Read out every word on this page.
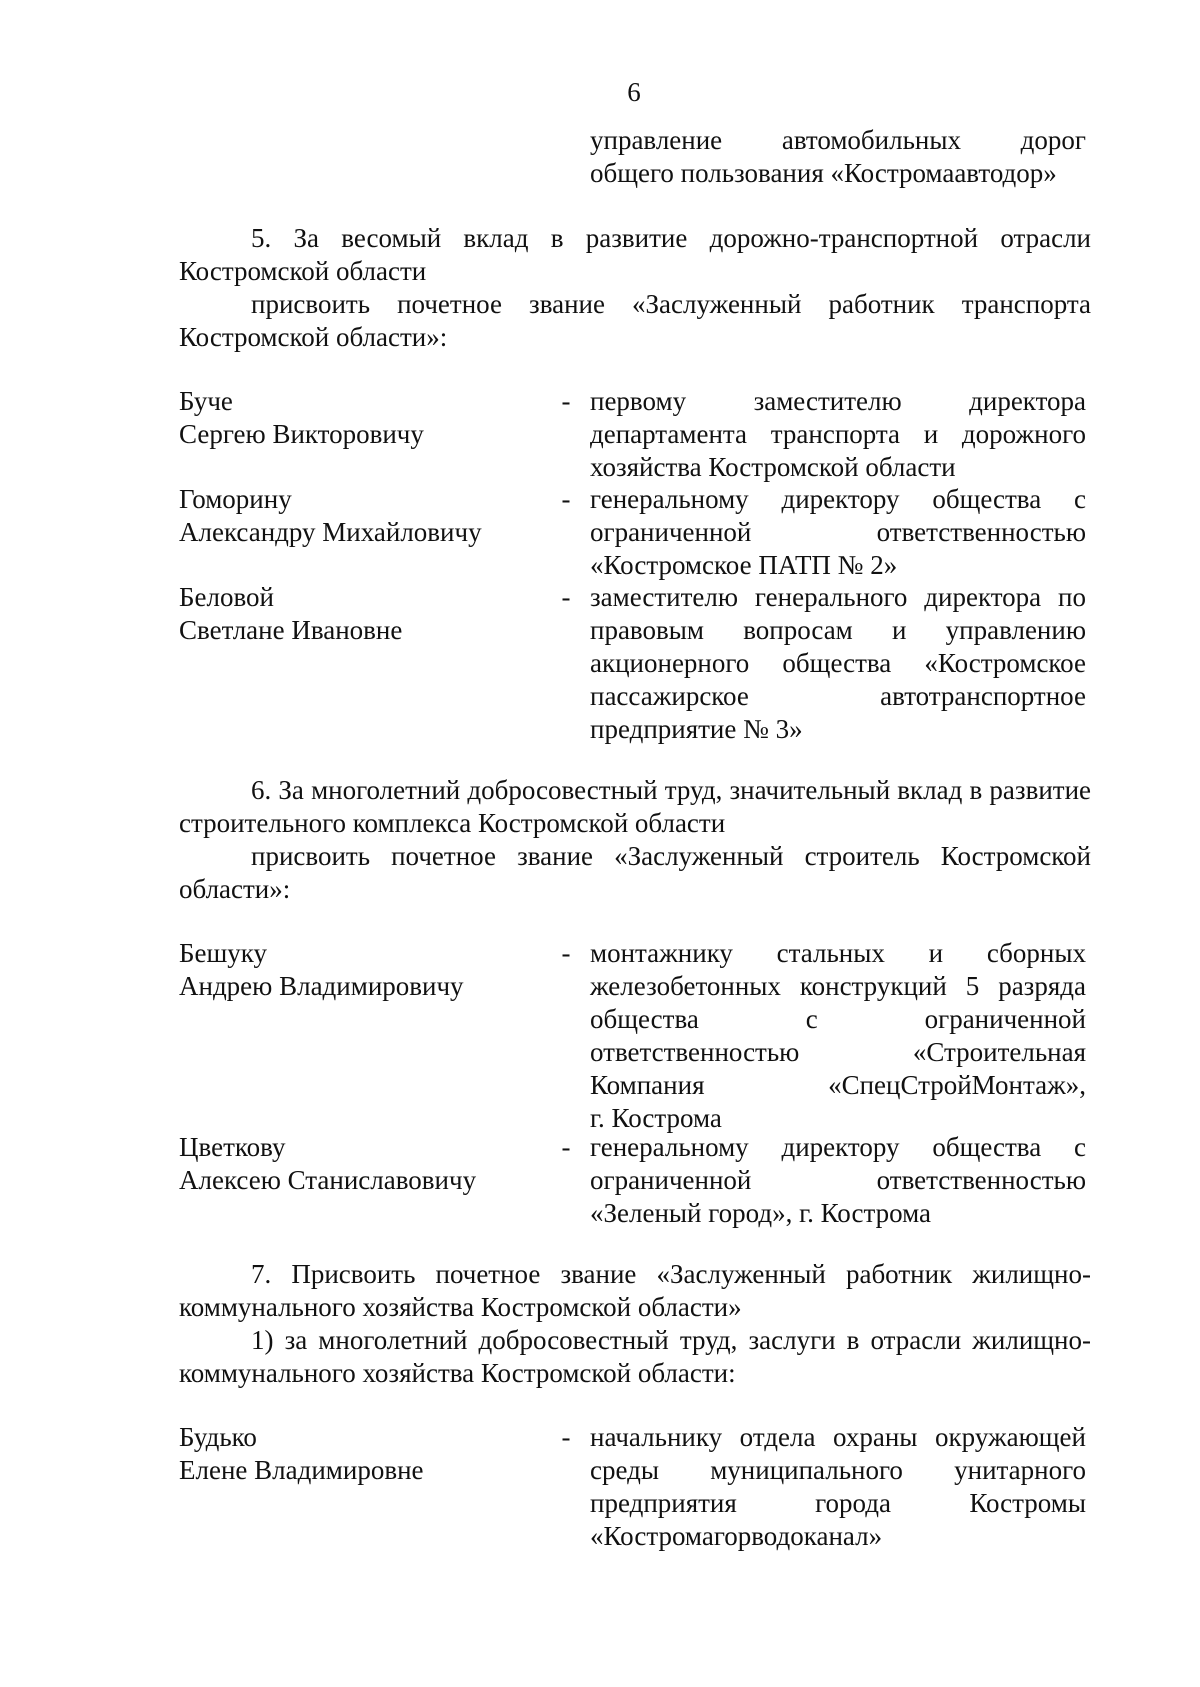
6
управление автомобильных дорог
общего пользования «Костромаавтодор»

5. За весомый вклад в развитие дорожно-транспортной отрасли Костромской области

присвоить почетное звание «Заслуженный работник транспорта Костромской области»:

Буче
Сергею Викторовичу
- первому заместителю директора
департамента транспорта и дорожного
хозяйства Костромской области
Гоморину
Александру Михайловичу
- генеральному директору общества с
ограниченной ответственностью
«Костромское ПАТП № 2»
Беловой
Светлане Ивановне
- заместителю генерального директора по
правовым вопросам и управлению
акционерного общества «Костромское
пассажирское автотранспортное
предприятие № 3»

6. За многолетний добросовестный труд, значительный вклад в развитие строительного комплекса Костромской области

присвоить почетное звание «Заслуженный строитель Костромской области»:

Бешуку
Андрею Владимировичу
- монтажнику стальных и сборных
железобетонных конструкций 5 разряда
общества с ограниченной
ответственностью «Строительная
Компания «СпецСтройМонтаж»,
г. Кострома
Цветкову
Алексею Станиславовичу
- генеральному директору общества с
ограниченной ответственностью
«Зеленый город», г. Кострома

7. Присвоить почетное звание «Заслуженный работник жилищно-коммунального хозяйства Костромской области»

1) за многолетний добросовестный труд, заслуги в отрасли жилищно-коммунального хозяйства Костромской области:

Будько
Елене Владимировне
- начальнику отдела охраны окружающей
среды муниципального унитарного
предприятия города Костромы
«Костромагорводоканал»
